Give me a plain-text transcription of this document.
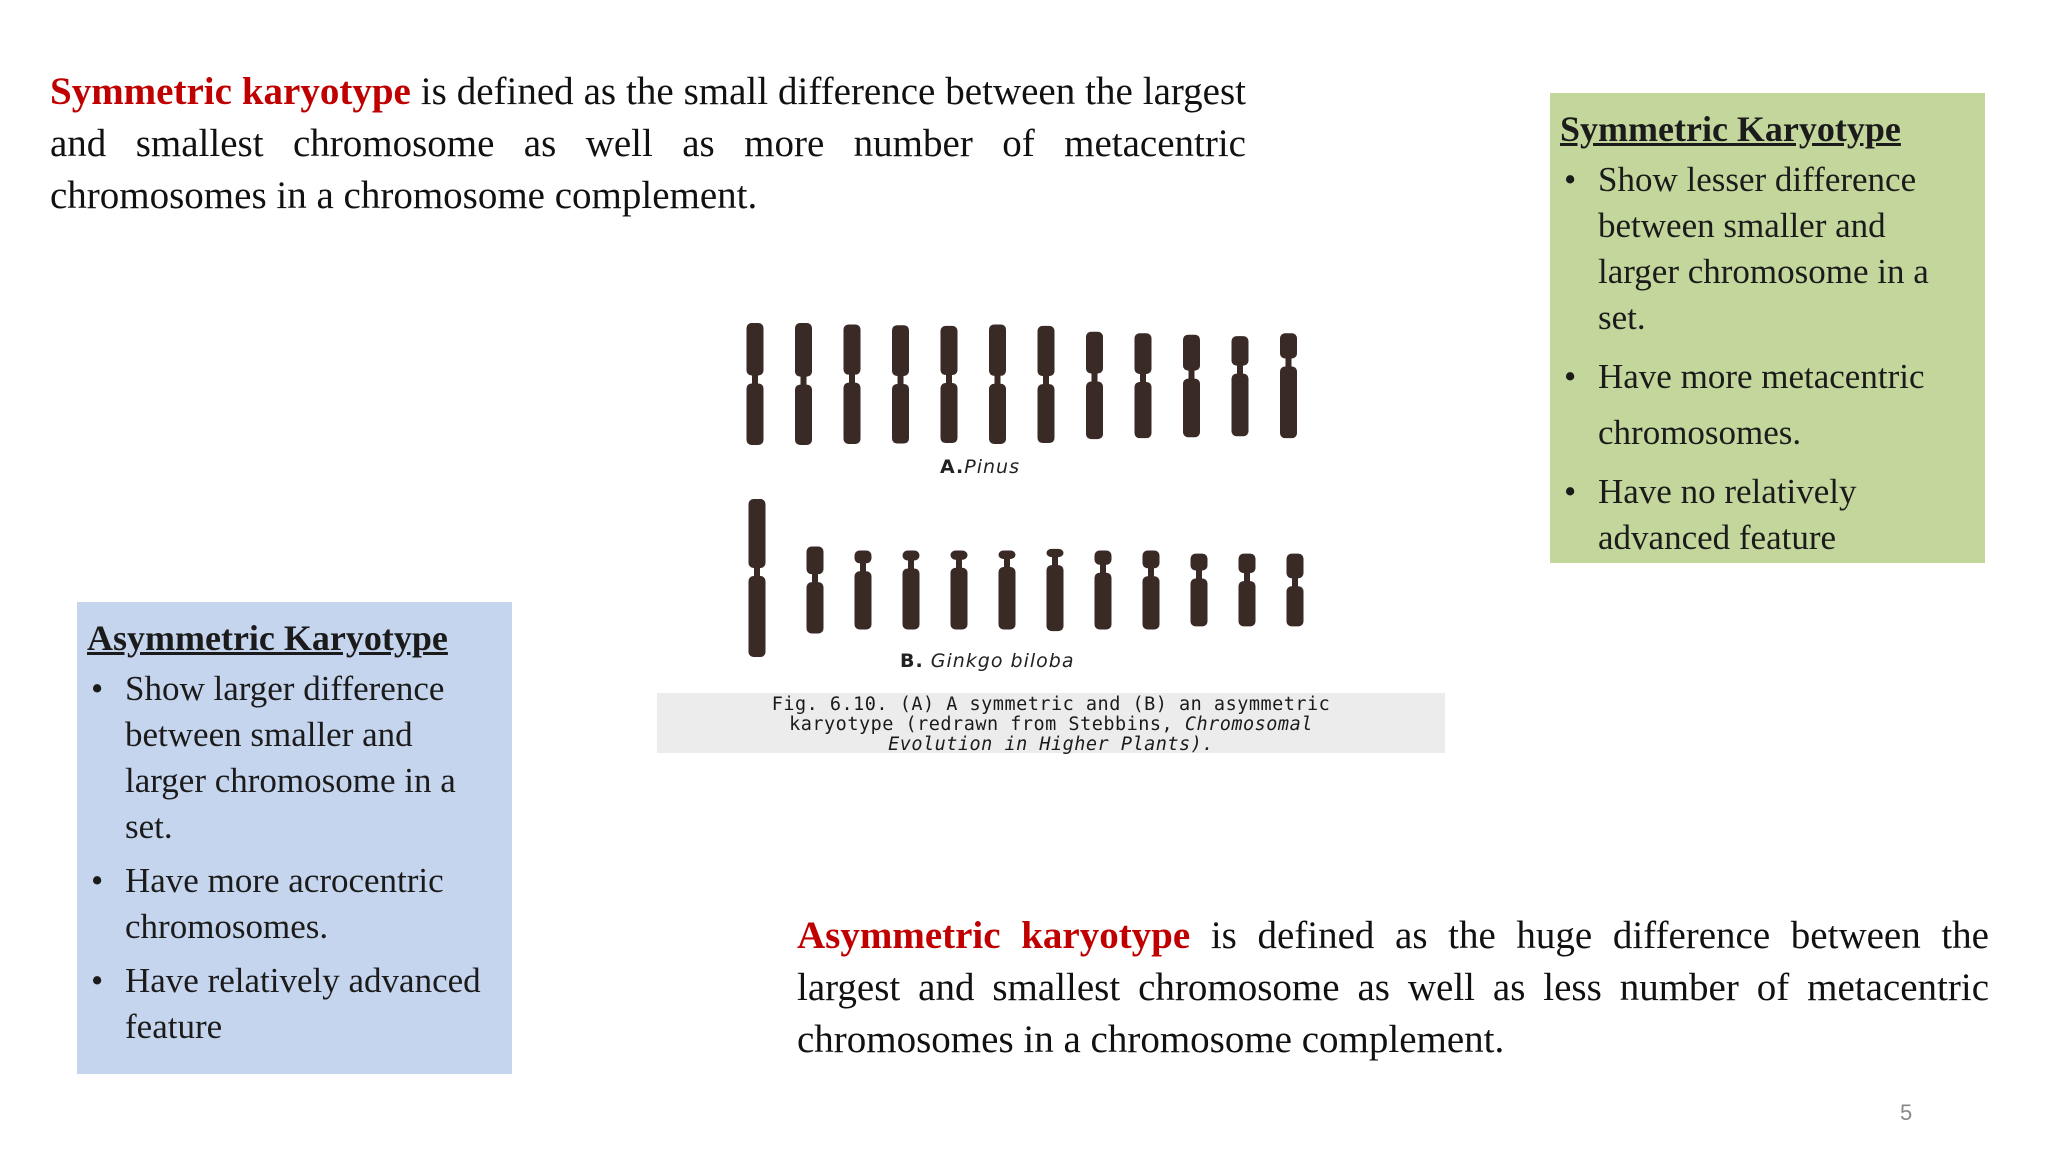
Symmetric karyotype is defined as the small difference between the largest and smallest chromosome as well as more number of metacentric chromosomes in a chromosome complement.

Symmetric Karyotype
• Show lesser difference between smaller and larger chromosome in a set.
• Have more metacentric chromosomes.
• Have no relatively advanced feature
A.Pinus
B. Ginkgo biloba
Fig. 6.10. (A) A symmetric and (B) an asymmetric
karyotype (redrawn from Stebbins, Chromosomal
Evolution in Higher Plants).
Asymmetric Karyotype
• Show larger difference between smaller and larger chromosome in a set.
• Have more acrocentric chromosomes.
• Have relatively advanced feature

Asymmetric karyotype is defined as the huge difference between the largest and smallest chromosome as well as less number of metacentric chromosomes in a chromosome complement.

5
